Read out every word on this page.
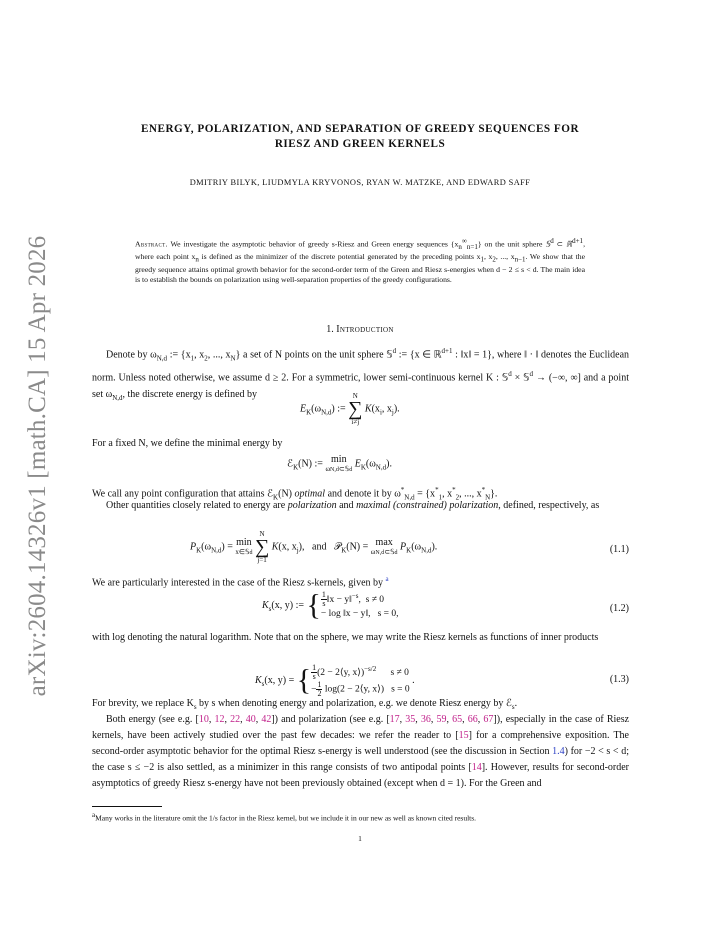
arXiv:2604.14326v1 [math.CA] 15 Apr 2026
ENERGY, POLARIZATION, AND SEPARATION OF GREEDY SEQUENCES FOR
RIESZ AND GREEN KERNELS
DMITRIY BILYK, LIUDMYLA KRYVONOS, RYAN W. MATZKE, AND EDWARD SAFF
Abstract. We investigate the asymptotic behavior of greedy s-Riesz and Green energy sequences {xn∞n=1} on the unit sphere 𝕊d ⊂ ℝd+1, where each point xn is defined as the minimizer of the discrete potential generated by the preceding points x1, x2, ..., xn−1. We show that the greedy sequence attains optimal growth behavior for the second-order term of the Green and Riesz s-energies when d − 2 ≤ s < d. The main idea is to establish the bounds on polarization using well-separation properties of the greedy configurations.
1. Introduction
Denote by $\omega_{N,d}$ := {$x_1$, $x_2$, ..., $x_N$} a set of N points on the unit sphere 𝕊$^d$ := {x ∈ ℝ$^{d+1}$ : ‖x‖ = 1}, where ‖ · ‖ denotes the Euclidean norm. Unless noted otherwise, we assume d ≥ 2. For a symmetric, lower semi-continuous kernel K : 𝕊$^d$ × 𝕊$^d$ → (−∞, ∞] and a point set $\omega_{N,d}$, the discrete energy is defined by
$E_K(\omega_{N,d})$ :=
N
∑
i≠j
$K(x_i$, $x_j$).
For a fixed N, we define the minimal energy by
ℰ$_K$(N) := min
ωN,d⊂𝕊d
$E_K(\omega_{N,d})$.
We call any point configuration that attains ℰ$_K$(N) optimal and denote it by $\omega^*_{N,d} = \{x^*_1$, $x^*_2$, ..., $x^*_N$}.
Other quantities closely related to energy are polarization and maximal (constrained) polarization, defined, respectively, as
$P_K(\omega_{N,d}) = \min$
x∈𝕊d

N
∑
j=1
K(x, $x_j$),   and   𝒫$_K$(N) = max
ωN,d⊂𝕊d
$P_K(\omega_{N,d})$.	(1.1)
We are particularly interested in the case of the Riesz s-kernels, given by $^a$
$K_s(x$, y) := { $\frac{1}{s}$ ‖x − y‖$^{-s}$,  s ≠ 0
− log ‖x − y‖,   s = 0,
(1.2)
with log denoting the natural logarithm. Note that on the sphere, we may write the Riesz kernels as functions of inner products
$K_s(x$, y) = { $\frac{1}{s} (2$ − 2⟨y, x⟩)$^{-s/2}$      s ≠ 0
− $\frac{1}{2} \log(2$ − 2⟨y, x⟩)   s = 0
.	(1.3)
For brevity, we replace $K_s$ by s when denoting energy and polarization, e.g. we denote Riesz energy by ℰ$_s$.
Both energy (see e.g. [10, 12, 22, 40, 42]) and polarization (see e.g. [17, 35, 36, 59, 65, 66, 67]), especially in the case of Riesz kernels, have been actively studied over the past few decades: we refer the reader to [15] for a comprehensive exposition. The second-order asymptotic behavior for the optimal Riesz s-energy is well understood (see the discussion in Section 1.4) for −2 < s < d; the case s ≤ −2 is also settled, as a minimizer in this range consists of two antipodal points [14]. However, results for second-order asymptotics of greedy Riesz s-energy have not been previously obtained (except when d = 1). For the Green and
aMany works in the literature omit the 1/s factor in the Riesz kernel, but we include it in our new as well as known cited results.
1
